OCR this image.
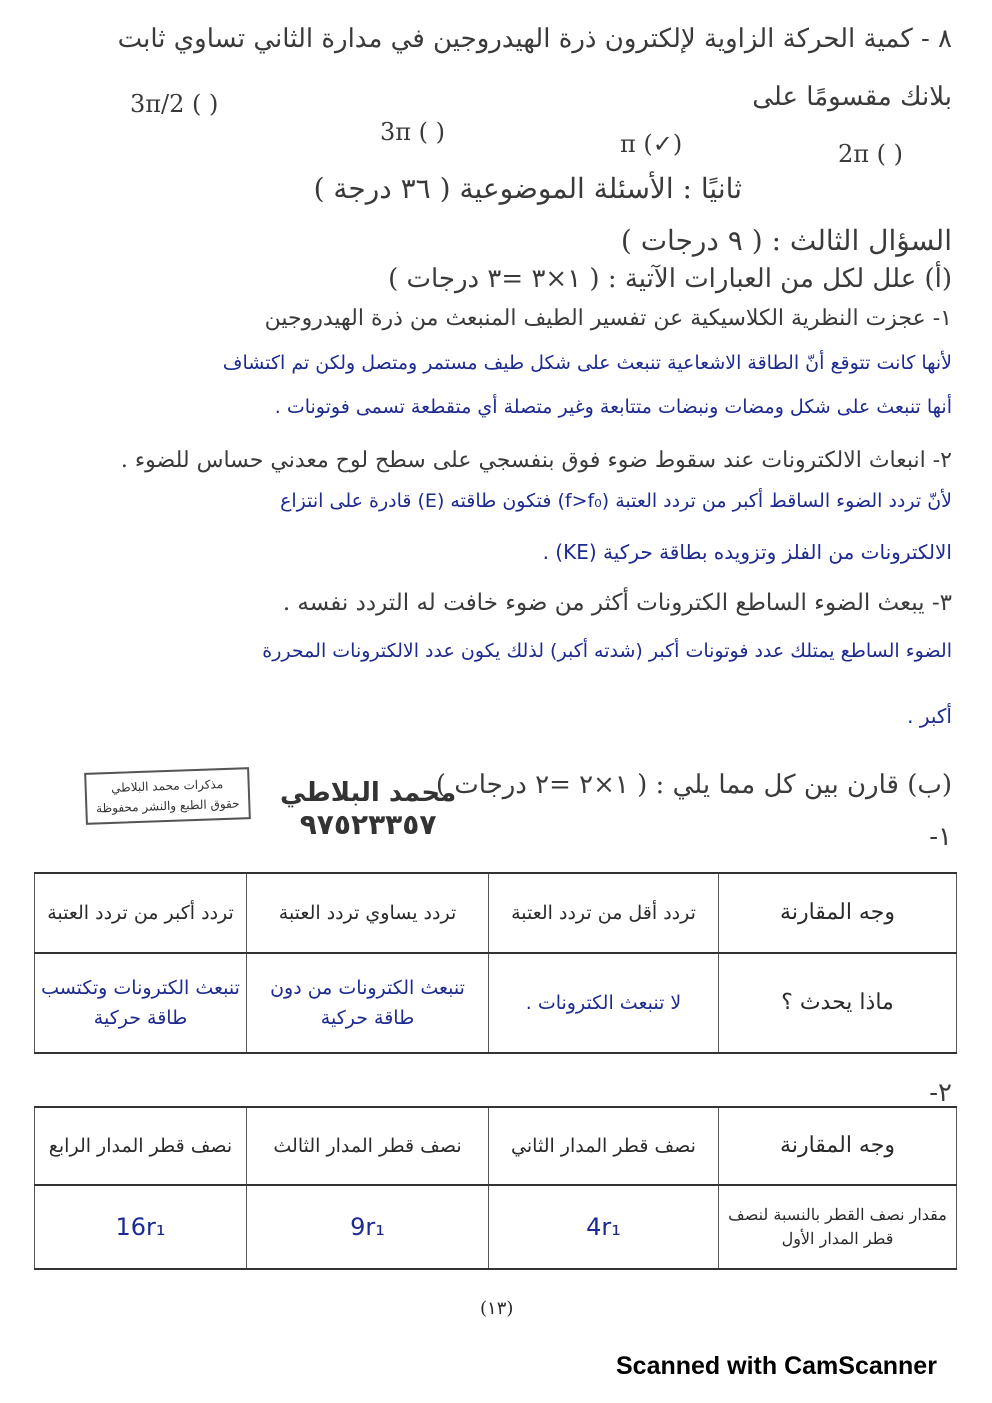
٨ - كمية الحركة الزاوية لإلكترون ذرة الهيدروجين في مدارة الثاني تساوي ثابت
بلانك مقسومًا على
3π/2 ( )
3π ( )	π (✓)	2π ( )
ثانيًا : الأسئلة الموضوعية ( ٣٦ درجة )
السؤال الثالث : ( ٩ درجات )
(أ) علل لكل من العبارات الآتية : ( ١×٣ =٣ درجات )
١- عجزت النظرية الكلاسيكية عن تفسير الطيف المنبعث من ذرة الهيدروجين
لأنها كانت تتوقع أنّ الطاقة الاشعاعية تنبعث على شكل طيف مستمر ومتصل ولكن تم اكتشاف
أنها تنبعث على شكل ومضات ونبضات متتابعة وغير متصلة أي متقطعة تسمى فوتونات .
٢- انبعاث الالكترونات عند سقوط ضوء فوق بنفسجي على سطح لوح معدني حساس للضوء .
لأنّ تردد الضوء الساقط أكبر من تردد العتبة (f>f₀) فتكون طاقته (E) قادرة على انتزاع
الالكترونات من الفلز وتزويده بطاقة حركية (KE) .
٣- يبعث الضوء الساطع الكترونات أكثر من ضوء خافت له التردد نفسه .
الضوء الساطع يمتلك عدد فوتونات أكبر (شدته أكبر) لذلك يكون عدد الالكترونات المحررة
أكبر .
مذكرات محمد البلاطي
حقوق الطبع والنشر محفوظة محمد البلاطي
٩٧٥٢٣٣٥٧
(ب) قارن بين كل مما يلي : ( ١×٢ =٢ درجات )
١-
وجه المقارنة	تردد أقل من تردد العتبة	تردد يساوي تردد العتبة	تردد أكبر من تردد العتبة
ماذا يحدث ؟	لا تنبعث الكترونات .	تنبعث الكترونات من دون طاقة حركية	تنبعث الكترونات وتكتسب طاقة حركية
٢-
وجه المقارنة	نصف قطر المدار الثاني	نصف قطر المدار الثالث	نصف قطر المدار الرابع
مقدار نصف القطر بالنسبة لنصف قطر المدار الأول	4r₁	9r₁	16r₁
(١٣)
Scanned with CamScanner
